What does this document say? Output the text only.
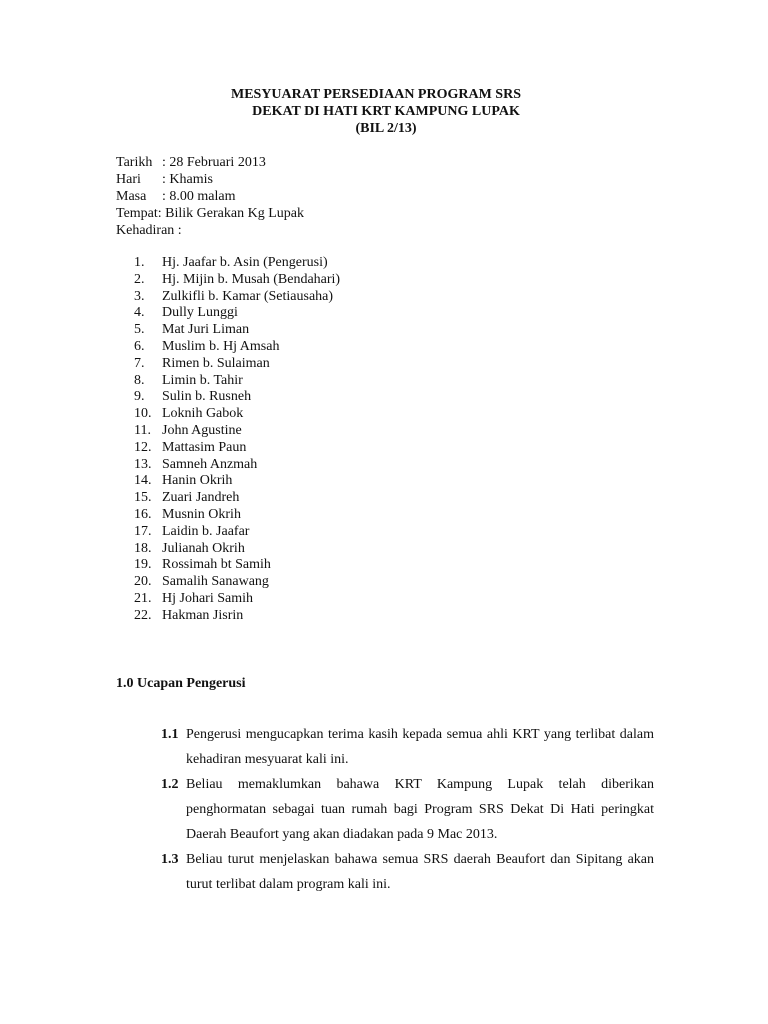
MESYUARAT PERSEDIAAN PROGRAM SRS
DEKAT DI HATI KRT KAMPUNG LUPAK
(BIL 2/13)
Tarikh : 28 Februari 2013
Hari : Khamis
Masa : 8.00 malam
Tempat: Bilik Gerakan Kg Lupak
Kehadiran :
1. Hj. Jaafar b. Asin (Pengerusi)
2. Hj. Mijin b. Musah (Bendahari)
3. Zulkifli b. Kamar (Setiausaha)
4. Dully Lunggi
5. Mat Juri Liman
6. Muslim b. Hj Amsah
7. Rimen b. Sulaiman
8. Limin b. Tahir
9. Sulin b. Rusneh
10. Loknih Gabok
11. John Agustine
12. Mattasim Paun
13. Samneh Anzmah
14. Hanin Okrih
15. Zuari Jandreh
16. Musnin Okrih
17. Laidin b. Jaafar
18. Julianah Okrih
19. Rossimah bt Samih
20. Samalih Sanawang
21. Hj Johari Samih
22. Hakman Jisrin
1.0 Ucapan Pengerusi
1.1 Pengerusi mengucapkan terima kasih kepada semua ahli KRT yang terlibat dalam kehadiran mesyuarat kali ini.
1.2 Beliau memaklumkan bahawa KRT Kampung Lupak telah diberikan penghormatan sebagai tuan rumah bagi Program SRS Dekat Di Hati peringkat Daerah Beaufort yang akan diadakan pada 9 Mac 2013.
1.3 Beliau turut menjelaskan bahawa semua SRS daerah Beaufort dan Sipitang akan turut terlibat dalam program kali ini.
